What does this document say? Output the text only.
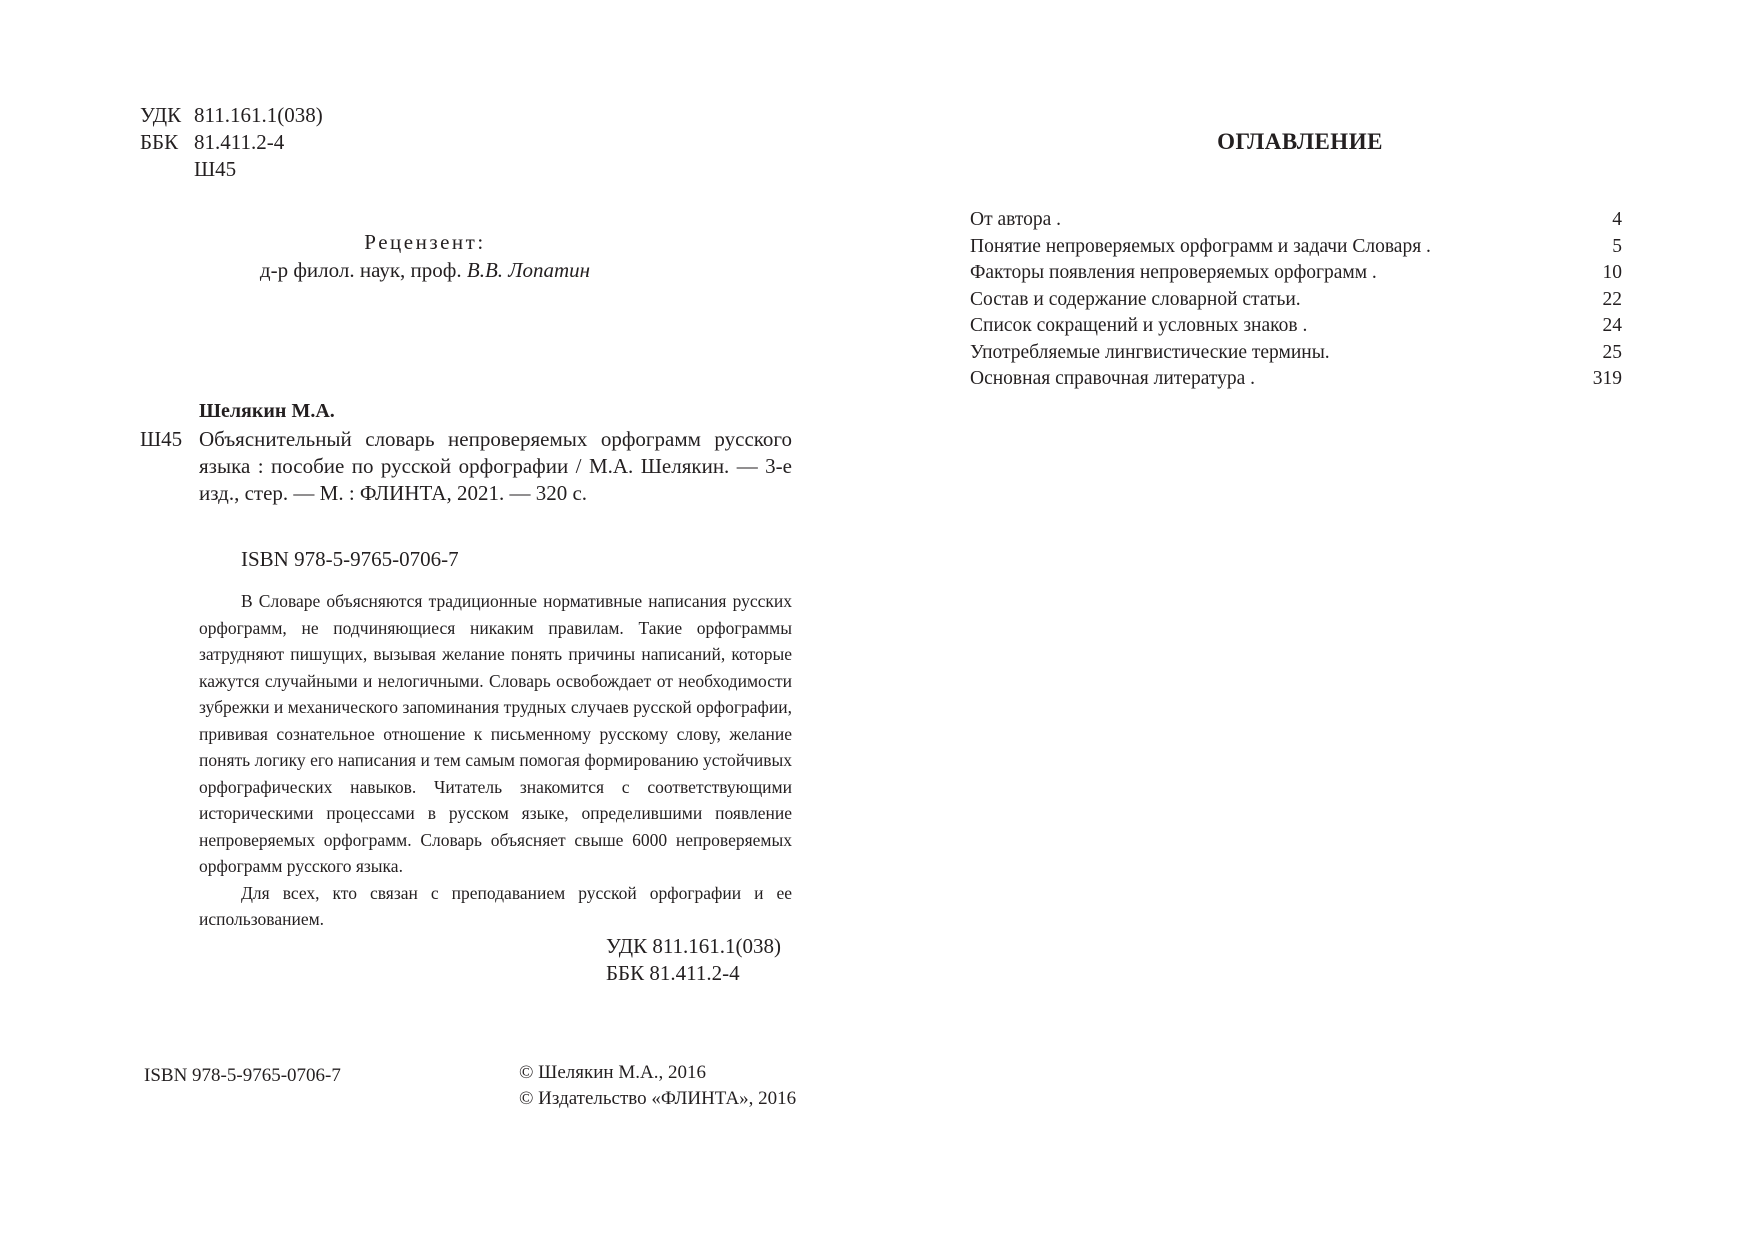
УДК 811.161.1(038)
ББК 81.411.2-4
Ш45
Рецензент:
д-р филол. наук, проф. В.В. Лопатин
Шелякин М.А.
Ш45 Объяснительный словарь непроверяемых орфограмм русского языка : пособие по русской орфографии / М.А. Шелякин. — 3-е изд., стер. — М. : ФЛИНТА, 2021. — 320 с.
ISBN 978-5-9765-0706-7

В Словаре объясняются традиционные нормативные написания русских орфограмм, не подчиняющиеся никаким правилам. Такие орфограммы затрудняют пишущих, вызывая желание понять причины написаний, которые кажутся случайными и нелогичными. Словарь освобождает от необходимости зубрежки и механического запоминания трудных случаев русской орфографии, прививая сознательное отношение к письменному русскому слову, желание понять логику его написания и тем самым помогая формированию устойчивых орфографических навыков. Читатель знакомится с соответствующими историческими процессами в русском языке, определившими появление непроверяемых орфограмм. Словарь объясняет свыше 6000 непроверяемых орфограмм русского языка.

Для всех, кто связан с преподаванием русской орфографии и ее использованием.

УДК 811.161.1(038)
ББК 81.411.2-4
ISBN 978-5-9765-0706-7	© Шелякин М.А., 2016
© Издательство «ФЛИНТА», 2016
ОГЛАВЛЕНИЕ
От автора .	4
Понятие непроверяемых орфограмм и задачи Словаря .	5
Факторы появления непроверяемых орфограмм .	10
Состав и содержание словарной статьи.	22
Список сокращений и условных знаков .	24
Употребляемые лингвистические термины.	25
Основная справочная литература .	319
